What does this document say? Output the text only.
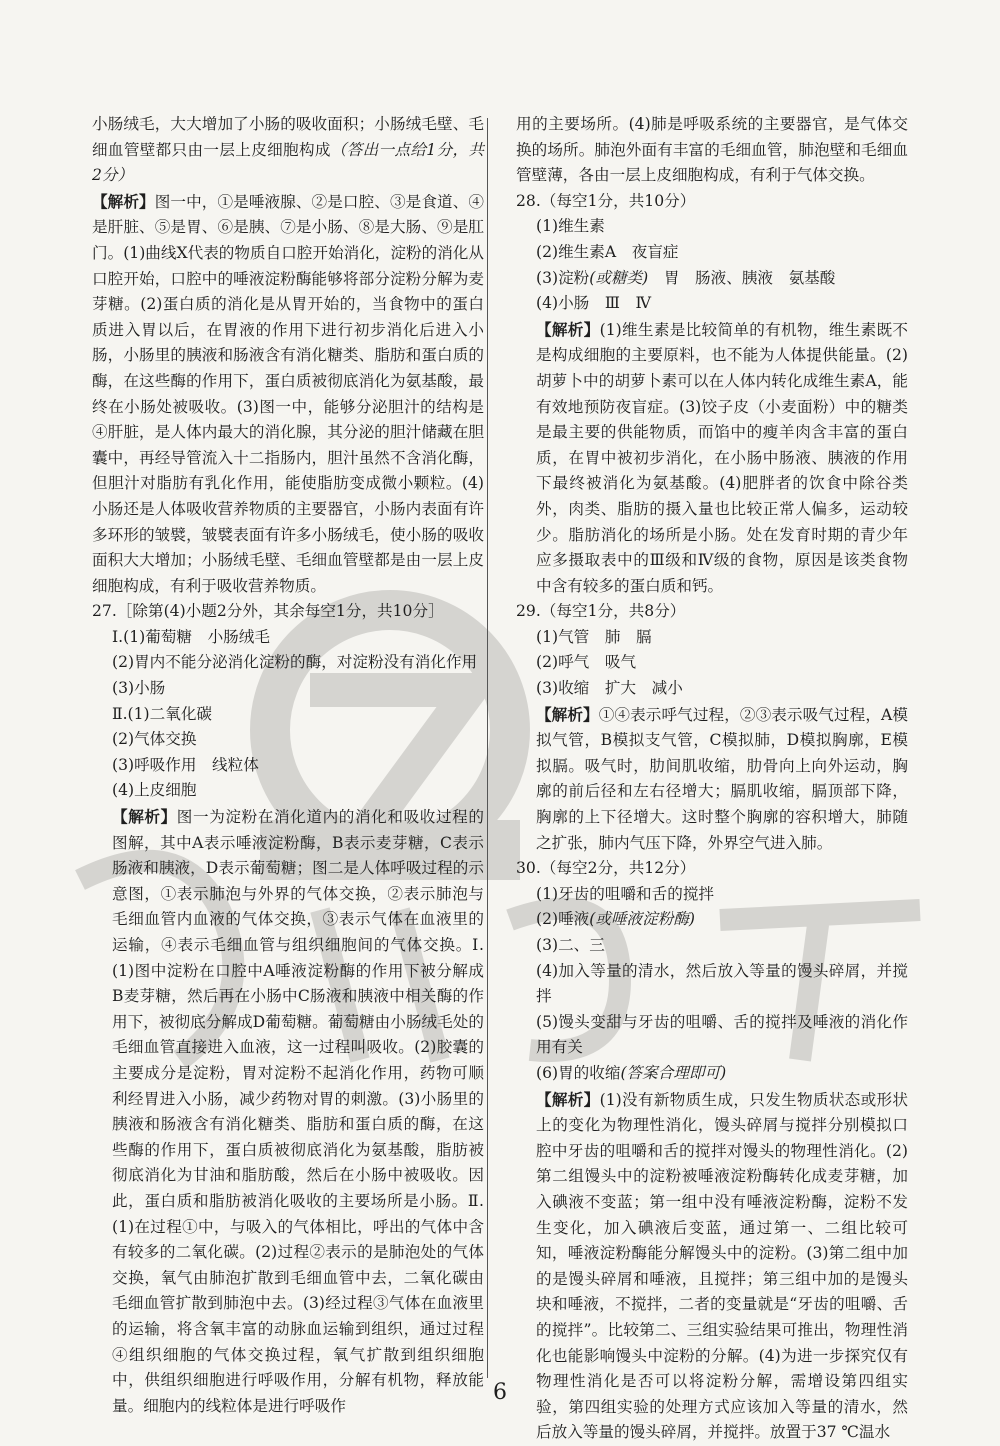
小肠绒毛，大大增加了小肠的吸收面积；小肠绒毛壁、毛细血管壁都只由一层上皮细胞构成（答出一点给1分，共2分）

【解析】图一中，①是唾液腺、②是口腔、③是食道、④是肝脏、⑤是胃、⑥是胰、⑦是小肠、⑧是大肠、⑨是肛门。(1)曲线X代表的物质自口腔开始消化，淀粉的消化从口腔开始，口腔中的唾液淀粉酶能够将部分淀粉分解为麦芽糖。(2)蛋白质的消化是从胃开始的，当食物中的蛋白质进入胃以后，在胃液的作用下进行初步消化后进入小肠，小肠里的胰液和肠液含有消化糖类、脂肪和蛋白质的酶，在这些酶的作用下，蛋白质被彻底消化为氨基酸，最终在小肠处被吸收。(3)图一中，能够分泌胆汁的结构是④肝脏，是人体内最大的消化腺，其分泌的胆汁储藏在胆囊中，再经导管流入十二指肠内，胆汁虽然不含消化酶，但胆汁对脂肪有乳化作用，能使脂肪变成微小颗粒。(4)小肠还是人体吸收营养物质的主要器官，小肠内表面有许多环形的皱襞，皱襞表面有许多小肠绒毛，使小肠的吸收面积大大增加；小肠绒毛壁、毛细血管壁都是由一层上皮细胞构成，有利于吸收营养物质。

27.［除第(4)小题2分外，其余每空1分，共10分］

Ⅰ.(1)葡萄糖　小肠绒毛

(2)胃内不能分泌消化淀粉的酶，对淀粉没有消化作用

(3)小肠

Ⅱ.(1)二氧化碳

(2)气体交换

(3)呼吸作用　线粒体

(4)上皮细胞

【解析】图一为淀粉在消化道内的消化和吸收过程的图解，其中A表示唾液淀粉酶，B表示麦芽糖，C表示肠液和胰液，D表示葡萄糖；图二是人体呼吸过程的示意图，①表示肺泡与外界的气体交换，②表示肺泡与毛细血管内血液的气体交换，③表示气体在血液里的运输，④表示毛细血管与组织细胞间的气体交换。Ⅰ.(1)图中淀粉在口腔中A唾液淀粉酶的作用下被分解成B麦芽糖，然后再在小肠中C肠液和胰液中相关酶的作用下，被彻底分解成D葡萄糖。葡萄糖由小肠绒毛处的毛细血管直接进入血液，这一过程叫吸收。(2)胶囊的主要成分是淀粉，胃对淀粉不起消化作用，药物可顺利经胃进入小肠，减少药物对胃的刺激。(3)小肠里的胰液和肠液含有消化糖类、脂肪和蛋白质的酶，在这些酶的作用下，蛋白质被彻底消化为氨基酸，脂肪被彻底消化为甘油和脂肪酸，然后在小肠中被吸收。因此，蛋白质和脂肪被消化吸收的主要场所是小肠。Ⅱ.(1)在过程①中，与吸入的气体相比，呼出的气体中含有较多的二氧化碳。(2)过程②表示的是肺泡处的气体交换，氧气由肺泡扩散到毛细血管中去，二氧化碳由毛细血管扩散到肺泡中去。(3)经过程③气体在血液里的运输，将含氧丰富的动脉血运输到组织，通过过程④组织细胞的气体交换过程，氧气扩散到组织细胞中，供组织细胞进行呼吸作用，分解有机物，释放能量。细胞内的线粒体是进行呼吸作

用的主要场所。(4)肺是呼吸系统的主要器官，是气体交换的场所。肺泡外面有丰富的毛细血管，肺泡壁和毛细血管壁薄，各由一层上皮细胞构成，有利于气体交换。

28.（每空1分，共10分）

(1)维生素

(2)维生素A　夜盲症

(3)淀粉(或糖类)　胃　肠液、胰液　氨基酸

(4)小肠　Ⅲ　Ⅳ

【解析】(1)维生素是比较简单的有机物，维生素既不是构成细胞的主要原料，也不能为人体提供能量。(2)胡萝卜中的胡萝卜素可以在人体内转化成维生素A，能有效地预防夜盲症。(3)饺子皮（小麦面粉）中的糖类是最主要的供能物质，而馅中的瘦羊肉含丰富的蛋白质，在胃中被初步消化，在小肠中肠液、胰液的作用下最终被消化为氨基酸。(4)肥胖者的饮食中除谷类外，肉类、脂肪的摄入量也比较正常人偏多，运动较少。脂肪消化的场所是小肠。处在发育时期的青少年应多摄取表中的Ⅲ级和Ⅳ级的食物，原因是该类食物中含有较多的蛋白质和钙。

29.（每空1分，共8分）

(1)气管　肺　膈

(2)呼气　吸气

(3)收缩　扩大　减小

【解析】①④表示呼气过程，②③表示吸气过程，A模拟气管，B模拟支气管，C模拟肺，D模拟胸廓，E模拟膈。吸气时，肋间肌收缩，肋骨向上向外运动，胸廓的前后径和左右径增大；膈肌收缩，膈顶部下降，胸廓的上下径增大。这时整个胸廓的容积增大，肺随之扩张，肺内气压下降，外界空气进入肺。

30.（每空2分，共12分）

(1)牙齿的咀嚼和舌的搅拌

(2)唾液(或唾液淀粉酶)

(3)二、三

(4)加入等量的清水，然后放入等量的馒头碎屑，并搅拌

(5)馒头变甜与牙齿的咀嚼、舌的搅拌及唾液的消化作用有关

(6)胃的收缩(答案合理即可)

【解析】(1)没有新物质生成，只发生物质状态或形状上的变化为物理性消化，馒头碎屑与搅拌分别模拟口腔中牙齿的咀嚼和舌的搅拌对馒头的物理性消化。(2)第二组馒头中的淀粉被唾液淀粉酶转化成麦芽糖，加入碘液不变蓝；第一组中没有唾液淀粉酶，淀粉不发生变化，加入碘液后变蓝，通过第一、二组比较可知，唾液淀粉酶能分解馒头中的淀粉。(3)第二组中加的是馒头碎屑和唾液，且搅拌；第三组中加的是馒头块和唾液，不搅拌，二者的变量就是“牙齿的咀嚼、舌的搅拌”。比较第二、三组实验结果可推出，物理性消化也能影响馒头中淀粉的分解。(4)为进一步探究仅有物理性消化是否可以将淀粉分解，需增设第四组实验，第四组实验的处理方式应该加入等量的清水，然后放入等量的馒头碎屑，并搅拌。放置于37 ℃温水

6
